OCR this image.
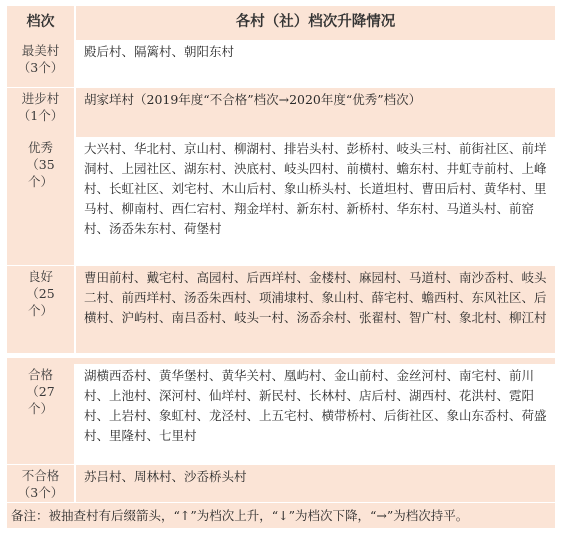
档次	各村（社）档次升降情况
最美村
（3个）
殿后村、隔篱村、朝阳东村
进步村
（1个）
胡家垟村（2019年度“不合格”档次→2020年度“优秀”档次）
优秀
（35
个）
大兴村、华北村、京山村、柳湖村、排岩头村、彭桥村、岐头三村、前街社区、前垟洞村、上园社区、湖东村、泱底村、岐头四村、前横村、蟾东村、井虹寺前村、上峰村、长虹社区、刘宅村、木山后村、象山桥头村、长道坦村、曹田后村、黄华村、里马村、柳南村、西仁宕村、翔金垟村、新东村、新桥村、华东村、马道头村、前窑村、汤岙朱东村、荷堡村
良好
（25
个）
曹田前村、戴宅村、高园村、后西垟村、金楼村、麻园村、马道村、南沙岙村、岐头二村、前西垟村、汤岙朱西村、项浦埭村、象山村、薛宅村、蟾西村、东风社区、后横村、沪屿村、南吕岙村、岐头一村、汤岙余村、张翟村、智广村、象北村、柳江村
合格
（27
个）
湖横西岙村、黄华堡村、黄华关村、凰屿村、金山前村、金丝河村、南宅村、前川村、上池村、深河村、仙垟村、新民村、长林村、店后村、湖西村、花洪村、霓阳村、上岩村、象虹村、龙泾村、上五宅村、横带桥村、后街社区、象山东岙村、荷盛村、里隆村、七里村
不合格
（3个）
苏吕村、周林村、沙岙桥头村
备注：被抽查村有后缀箭头，“↑”为档次上升，“↓”为档次下降，“→”为档次持平。
